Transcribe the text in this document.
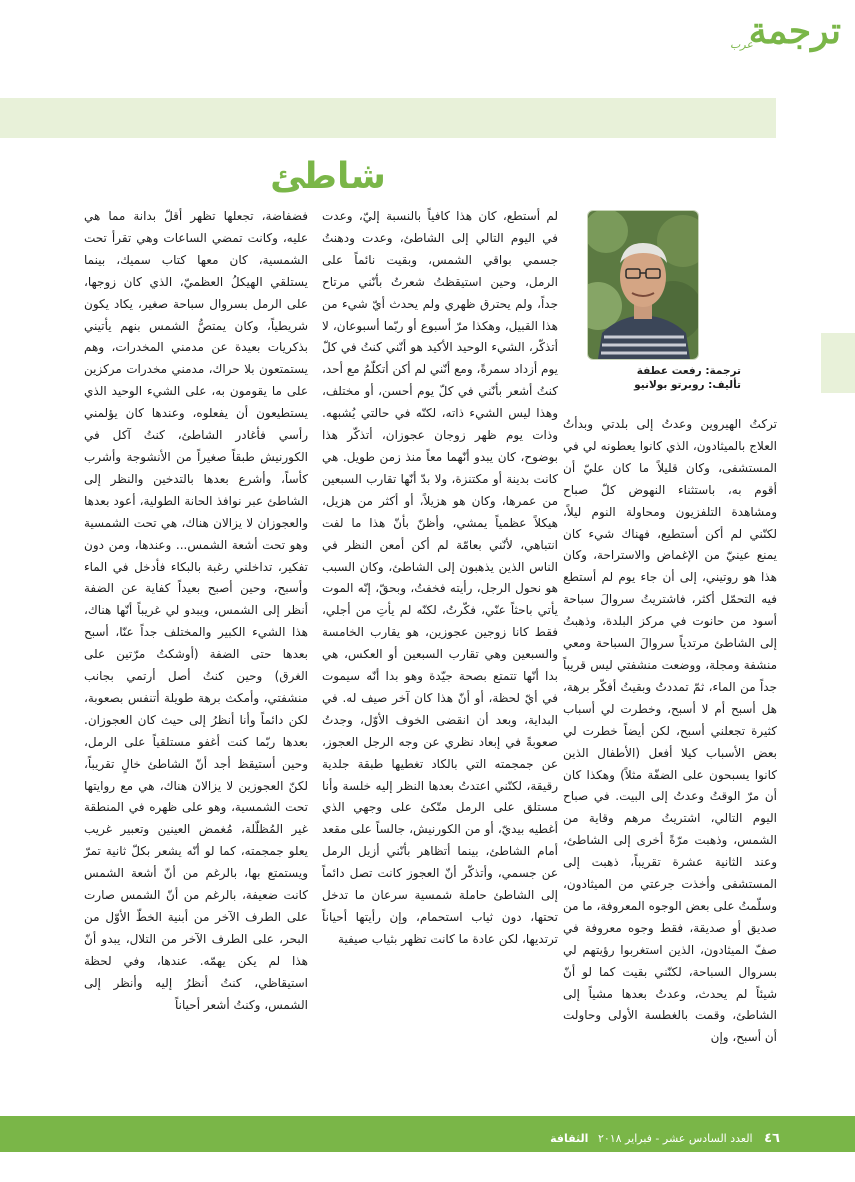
ترجمة
عرب
شاطئ
ترجمة: رفعت عطفة
تأليف: روبرتو بولانيو

تركتُ الهيروين وعدتُ إلى بلدتي وبدأتُ العلاج بالميثادون، الذي كانوا يعطونه لي في المستشفى، وكان قليلاً ما كان عليّ أن أقوم به، باستثناء النهوض كلّ صباح ومشاهدة التلفزيون ومحاولة النوم ليلاً، لكنّني لم أكن أستطيع، فهناك شيء كان يمنع عينيّ من الإغماض والاستراحة، وكان هذا هو روتيني، إلى أن جاء يوم لم أستطع فيه التحمّل أكثر، فاشتريتُ سروالَ سباحة أسود من حانوت في مركز البلدة، وذهبتُ إلى الشاطئ مرتدياً سروالَ السباحة ومعي منشفة ومجلة، ووضعت منشفتي ليس قريباً جداً من الماء، ثمّ تمددتُ وبقيتُ أفكّر برهة، هل أسبح أم لا أسبح، وخطرت لي أسباب كثيرة تجعلني أسبح، لكن أيضاً خطرت لي بعض الأسباب كيلا أفعل (الأطفال الذين كانوا يسبحون على الضفّة مثلاً) وهكذا كان أن مرّ الوقتُ وعدتُ إلى البيت. في صباح اليوم التالي، اشتريتُ مرهم وقاية من الشمس، وذهبت مرّةً أخرى إلى الشاطئ، وعند الثانية عشرة تقريباً، ذهبت إلى المستشفى وأخذت جرعتي من الميثادون، وسلّمتُ على بعض الوجوه المعروفة، ما من صديق أو صديقة، فقط وجوه معروفة في صفّ الميثادون، الذين استغربوا رؤيتهم لي بسروال السباحة، لكنّني بقيت كما لو أنّ شيئاً لم يحدث، وعدتُ بعدها مشياً إلى الشاطئ، وقمت بالغطسة الأولى وحاولت أن أسبح، وإن

لم أستطع، كان هذا كافياً بالنسبة إليّ، وعدت في اليوم التالي إلى الشاطئ، وعدت ودهنتُ جسمي بواقي الشمس، وبقيت نائماً على الرمل، وحين استيقظتُ شعرتُ بأنّني مرتاح جداً، ولم يحترق ظهري ولم يحدث أيّ شيء من هذا القبيل، وهكذا مرّ أسبوع أو ربّما أسبوعان، لا أتذكّر، الشيء الوحيد الأكيد هو أنّني كنتُ في كلّ يوم أزداد سمرةً، ومع أنّني لم أكن أتكلّمُ مع أحد، كنتُ أشعر بأنّني في كلّ يوم أحسن، أو مختلف، وهذا ليس الشيء ذاته، لكنّه في حالتي يُشبهه. وذات يوم ظهر زوجان عجوزان، أتذكّر هذا بوضوح، كان يبدو أنّهما معاً منذ زمن طويل. هي كانت بدينة أو مكتنزة، ولا بدّ أنّها تقارب السبعين من عمرها، وكان هو هزيلاً، أو أكثر من هزيل، هيكلاً عظمياً يمشي، وأظنّ بأنّ هذا ما لفت انتباهي، لأنّني بعامّة لم أكن أمعن النظر في الناس الذين يذهبون إلى الشاطئ، وكان السبب هو نحول الرجل، رأيته فخفتُ، وبحقّ، إنّه الموت يأتي باحثاً عنّي، فكّرتُ، لكنّه لم يأتِ من أجلي، فقط كانا زوجين عجوزين، هو يقارب الخامسة والسبعين وهي تقارب السبعين أو العكس، هي بدا أنّها تتمتع بصحة جيّدة وهو بدا أنّه سيموت في أيّ لحظة، أو أنّ هذا كان آخر صيف له. في البداية، وبعد أن انقضى الخوف الأوّل، وجدتُ صعوبةً في إبعاد نظري عن وجه الرجل العجوز، عن جمجمته التي بالكاد تغطيها طبقة جلدية رقيقة، لكنّني اعتدتُ بعدها النظر إليه خلسة وأنا مستلق على الرمل متّكئ على وجهي الذي أغطيه بيديّ، أو من الكورنيش، جالساً على مقعد أمام الشاطئ، بينما أتظاهر بأنّني أزيل الرمل عن جسمي، وأتذكّر أنّ العجوز كانت تصل دائماً إلى الشاطئ حاملة شمسية سرعان ما تدخل تحتها، دون ثياب استحمام، وإن رأيتها أحياناً ترتديها، لكن عادة ما كانت تظهر بثياب صيفية

فضفاضة، تجعلها تظهر أقلّ بدانة مما هي عليه، وكانت تمضي الساعات وهي تقرأ تحت الشمسية، كان معها كتاب سميك، بينما يستلقي الهيكلُ العظميّ، الذي كان زوجها، على الرمل بسروال سباحة صغير، يكاد يكون شريطياً، وكان يمتصُّ الشمس بنهم يأتيني بذكريات بعيدة عن مدمني المخدرات، وهم يستمتعون بلا حراك، مدمني مخدرات مركزين على ما يقومون به، على الشيء الوحيد الذي يستطيعون أن يفعلوه، وعندها كان يؤلمني رأسي فأغادر الشاطئ، كنتُ آكل في الكورنيش طبقاً صغيراً من الأنشوجة وأشرب كأساً، وأشرع بعدها بالتدخين والنظر إلى الشاطئ عبر نوافذ الحانة الطولية، أعود بعدها والعجوزان لا يزالان هناك، هي تحت الشمسية وهو تحت أشعة الشمس... وعندها، ومن دون تفكير، تداخلني رغبة بالبكاء فأدخل في الماء وأسبح، وحين أصبح بعيداً كفاية عن الضفة أنظر إلى الشمس، ويبدو لي غريباً أنّها هناك، هذا الشيء الكبير والمختلف جداً عنّا، أسبح بعدها حتى الضفة (أوشكتُ مرّتين على الغرق) وحين كنتُ أصل أرتمي بجانب منشفتي، وأمكث برهة طويلة أتنفس بصعوبة، لكن دائماً وأنا أنظرُ إلى حيث كان العجوزان. بعدها ربّما كنت أغفو مستلقياً على الرمل، وحين أستيقظ أجد أنّ الشاطئ خالٍ تقريباً، لكنّ العجوزين لا يزالان هناك، هي مع روايتها تحت الشمسية، وهو على ظهره في المنطقة غير المُظلّلة، مُغمض العينين وتعبير غريب يعلو جمجمته، كما لو أنّه يشعر بكلّ ثانية تمرّ ويستمتع بها، بالرغم من أنّ أشعة الشمس كانت ضعيفة، بالرغم من أنّ الشمس صارت على الطرف الآخر من أبنية الخطّ الأوّل من البحر، على الطرف الآخر من التلال، يبدو أنّ هذا لم يكن يهمّه. عندها، وفي لحظة استيقاظي، كنتُ أنظرُ إليه وأنظر إلى الشمس، وكنتُ أشعر أحياناً

٤٦ العدد السادس عشر - فبراير ٢٠١٨ الثقافة
